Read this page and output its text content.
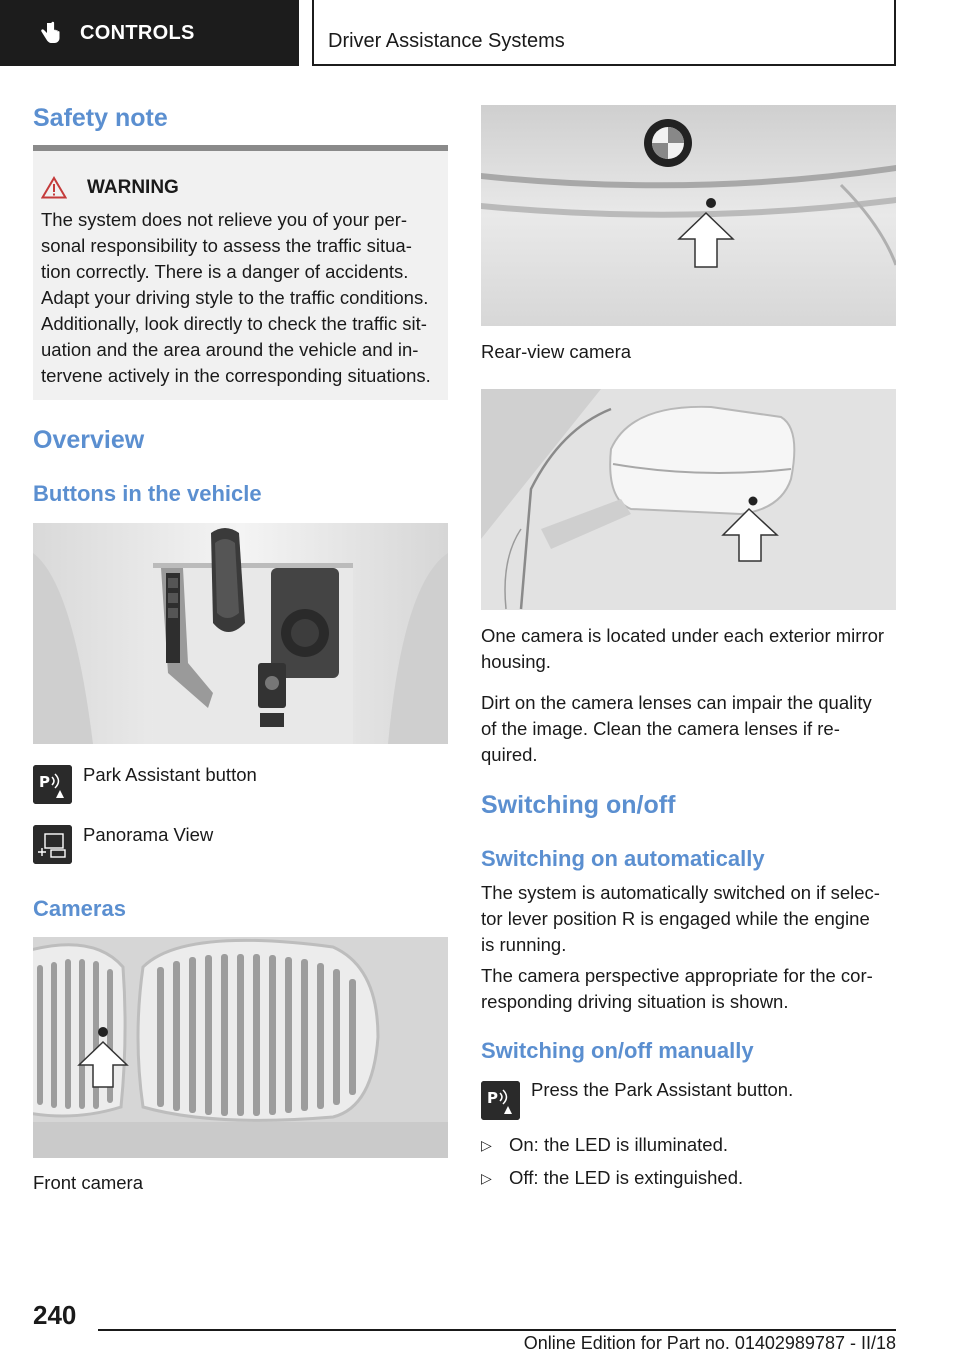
CONTROLS	Driver Assistance Systems
Safety note
WARNING
The system does not relieve you of your per-
sonal responsibility to assess the traffic situa-
tion correctly. There is a danger of accidents.
Adapt your driving style to the traffic conditions.
Additionally, look directly to check the traffic sit-
uation and the area around the vehicle and in-
tervene actively in the corresponding situations.
Overview
Buttons in the vehicle
P Park Assistant button
Panorama View
Cameras
Front camera
Rear-view camera
One camera is located under each exterior mirror
housing.
Dirt on the camera lenses can impair the quality
of the image. Clean the camera lenses if re-
quired.
Switching on/off
Switching on automatically
The system is automatically switched on if selec-
tor lever position R is engaged while the engine
is running.
The camera perspective appropriate for the cor-
responding driving situation is shown.
Switching on/off manually
P Press the Park Assistant button.
▷ On: the LED is illuminated.
▷ Off: the LED is extinguished.
240
Online Edition for Part no. 01402989787 - II/18
